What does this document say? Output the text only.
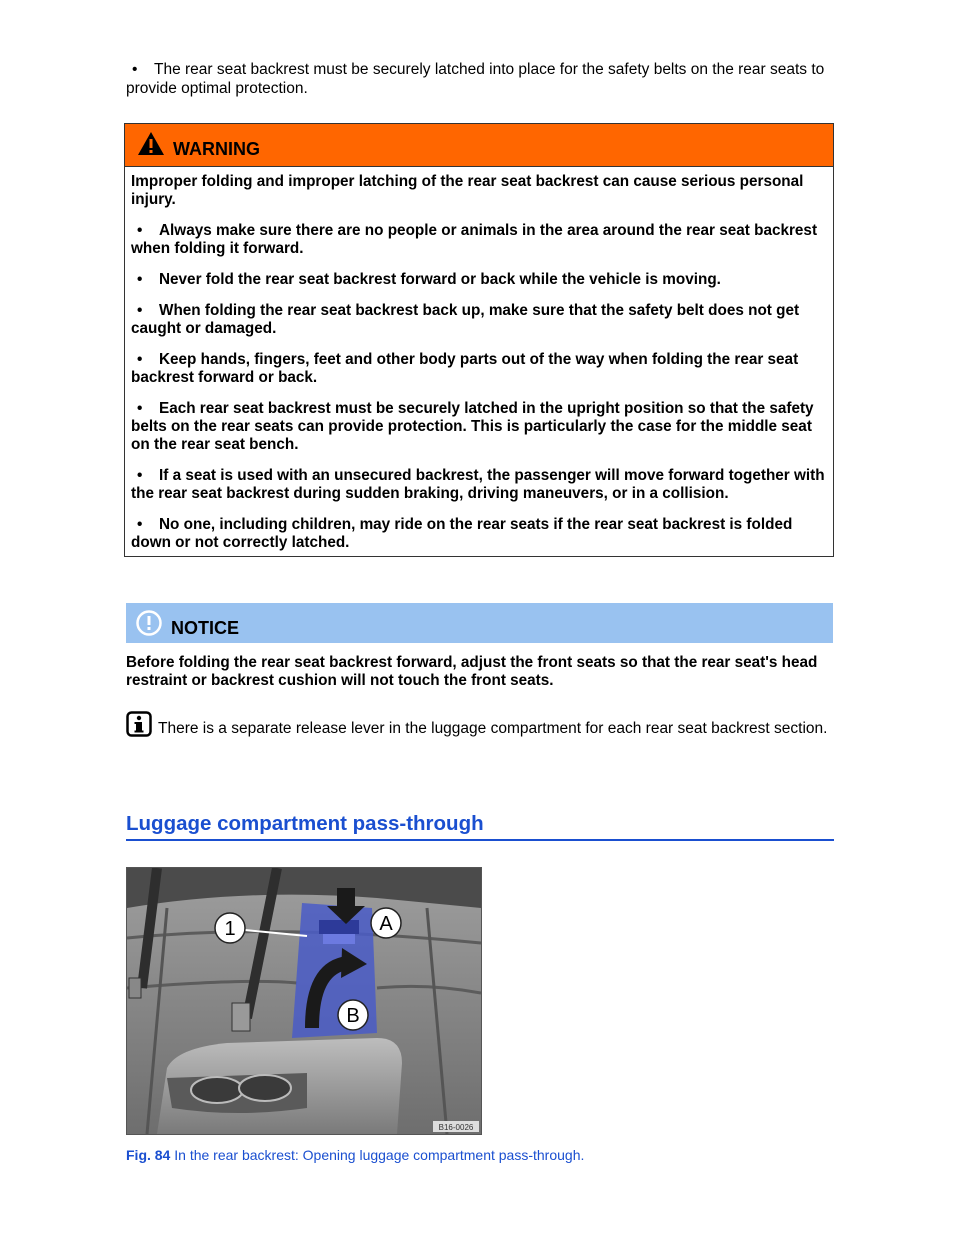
• The rear seat backrest must be securely latched into place for the safety belts on the rear seats to provide optimal protection.
WARNING

Improper folding and improper latching of the rear seat backrest can cause serious personal injury.

• Always make sure there are no people or animals in the area around the rear seat backrest when folding it forward.

• Never fold the rear seat backrest forward or back while the vehicle is moving.

• When folding the rear seat backrest back up, make sure that the safety belt does not get caught or damaged.

• Keep hands, fingers, feet and other body parts out of the way when folding the rear seat backrest forward or back.

• Each rear seat backrest must be securely latched in the upright position so that the safety belts on the rear seats can provide protection. This is particularly the case for the middle seat on the rear seat bench.

• If a seat is used with an unsecured backrest, the passenger will move forward together with the rear seat backrest during sudden braking, driving maneuvers, or in a collision.

• No one, including children, may ride on the rear seats if the rear seat backrest is folded down or not correctly latched.

NOTICE
Before folding the rear seat backrest forward, adjust the front seats so that the rear seat's head restraint or backrest cushion will not touch the front seats.
There is a separate release lever in the luggage compartment for each rear seat backrest section.
Luggage compartment pass-through
1	A
B
B16-0026
Fig. 84 In the rear backrest: Opening luggage compartment pass-through.
